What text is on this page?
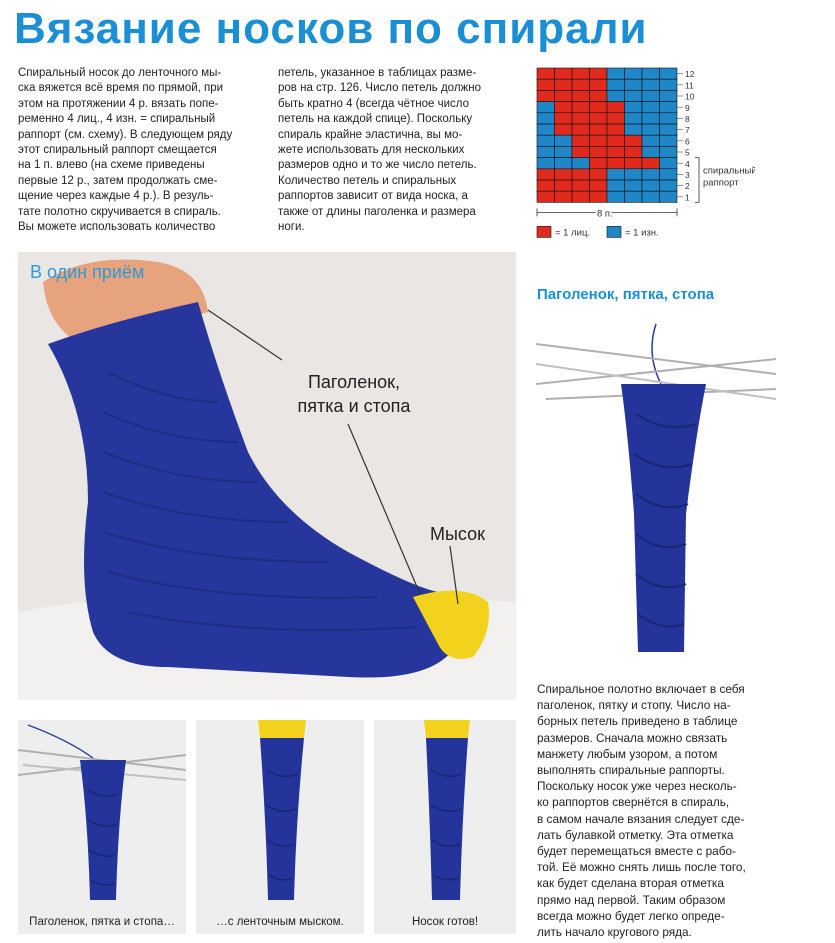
Вязание носков по спирали
Спиральный носок до ленточного мы-
ска вяжется всё время по прямой, при
этом на протяжении 4 р. вязать попе-
ременно 4 лиц., 4 изн. = спиральный
раппорт (см. схему). В следующем ряду
этот спиральный раппорт смещается
на 1 п. влево (на схеме приведены
первые 12 р., затем продолжать сме-
щение через каждые 4 р.). В резуль-
тате полотно скручивается в спираль.
Вы можете использовать количество
петель, указанное в таблицах разме-
ров на стр. 126. Число петель должно
быть кратно 4 (всегда чётное число
петель на каждой спице). Поскольку
спираль крайне эластична, вы мо-
жете использовать для нескольких
размеров одно и то же число петель.
Количество петель и спиральных
раппортов зависит от вида носка, а
также от длины паголенка и размера
ноги.
12
11
10
9
8
7
6
5
4
3
2
1
спиральный
раппорт
8 п.
= 1 лиц.	= 1 изн.
В один приём
Паголенок,
пятка и стопа
Мысок
Паголенок, пятка, стопа
Спиральное полотно включает в себя
паголенок, пятку и стопу. Число на-
борных петель приведено в таблице
размеров. Сначала можно связать
манжету любым узором, а потом
выполнять спиральные раппорты.
Поскольку носок уже через несколь-
ко раппортов свернётся в спираль,
в самом начале вязания следует сде-
лать булавкой отметку. Эта отметка
будет перемещаться вместе с рабо-
той. Её можно снять лишь после того,
как будет сделана вторая отметка
прямо над первой. Таким образом
всегда можно будет легко опреде-
лить начало кругового ряда.
Паголенок, пятка и стопа…	…с ленточным мыском.	Носок готов!
